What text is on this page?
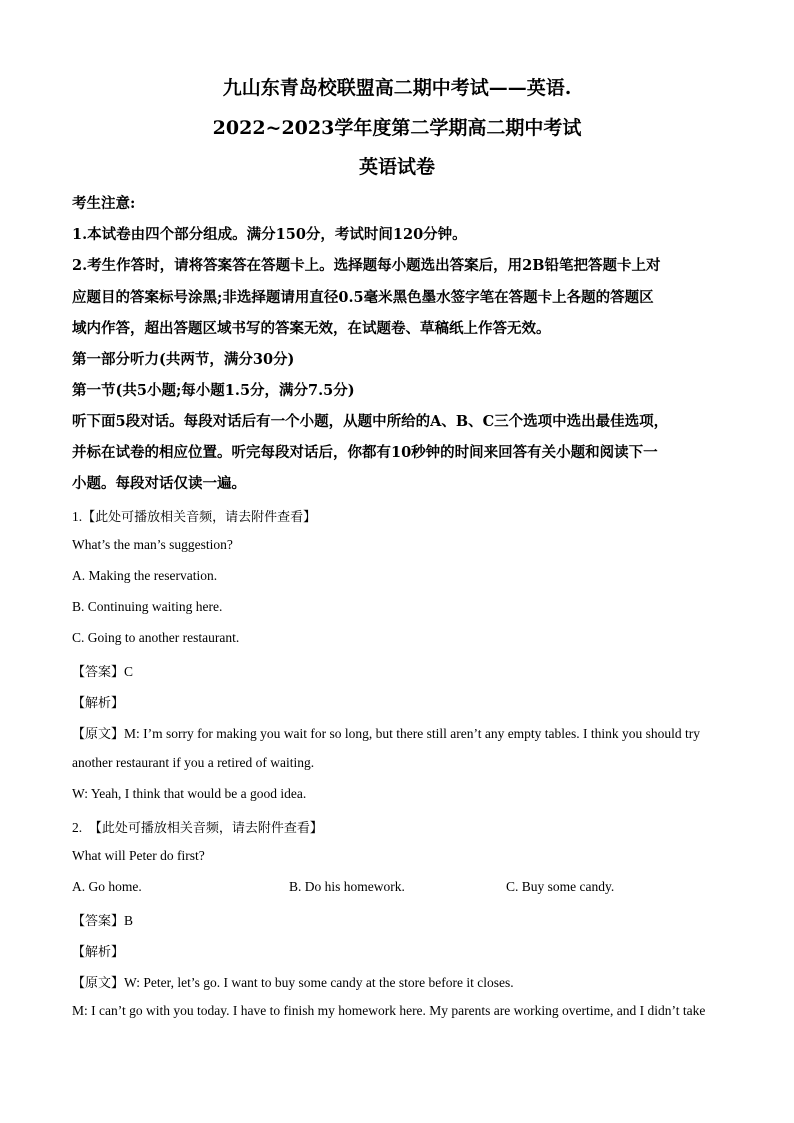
九山东青岛校联盟高二期中考试——英语.
2022~2023学年度第二学期高二期中考试
英语试卷
考生注意:
1.本试卷由四个部分组成。满分150分，考试时间120分钟。
2.考生作答时，请将答案答在答题卡上。选择题每小题选出答案后，用2B铅笔把答题卡上对
应题目的答案标号涂黑;非选择题请用直径0.5毫米黑色墨水签字笔在答题卡上各题的答题区
域内作答，超出答题区域书写的答案无效，在试题卷、草稿纸上作答无效。
第一部分听力(共两节，满分30分)
第一节(共5小题;每小题1.5分，满分7.5分)
听下面5段对话。每段对话后有一个小题，从题中所给的A、B、C三个选项中选出最佳选项，
并标在试卷的相应位置。听完每段对话后，你都有10秒钟的时间来回答有关小题和阅读下一
小题。每段对话仅读一遍。
1.【此处可播放相关音频，请去附件查看】
What’s the man’s suggestion?
A. Making the reservation.
B. Continuing waiting here.
C. Going to another restaurant.
【答案】C
【解析】
【原文】M: I’m sorry for making you wait for so long, but there still aren’t any empty tables. I think you should try
another restaurant if you a retired of waiting.
W: Yeah, I think that would be a good idea.
2. 【此处可播放相关音频，请去附件查看】
What will Peter do first?
A. Go home.	B. Do his homework.	C. Buy some candy.
【答案】B
【解析】
【原文】W: Peter, let’s go. I want to buy some candy at the store before it closes.
M: I can’t go with you today. I have to finish my homework here. My parents are working overtime, and I didn’t take
